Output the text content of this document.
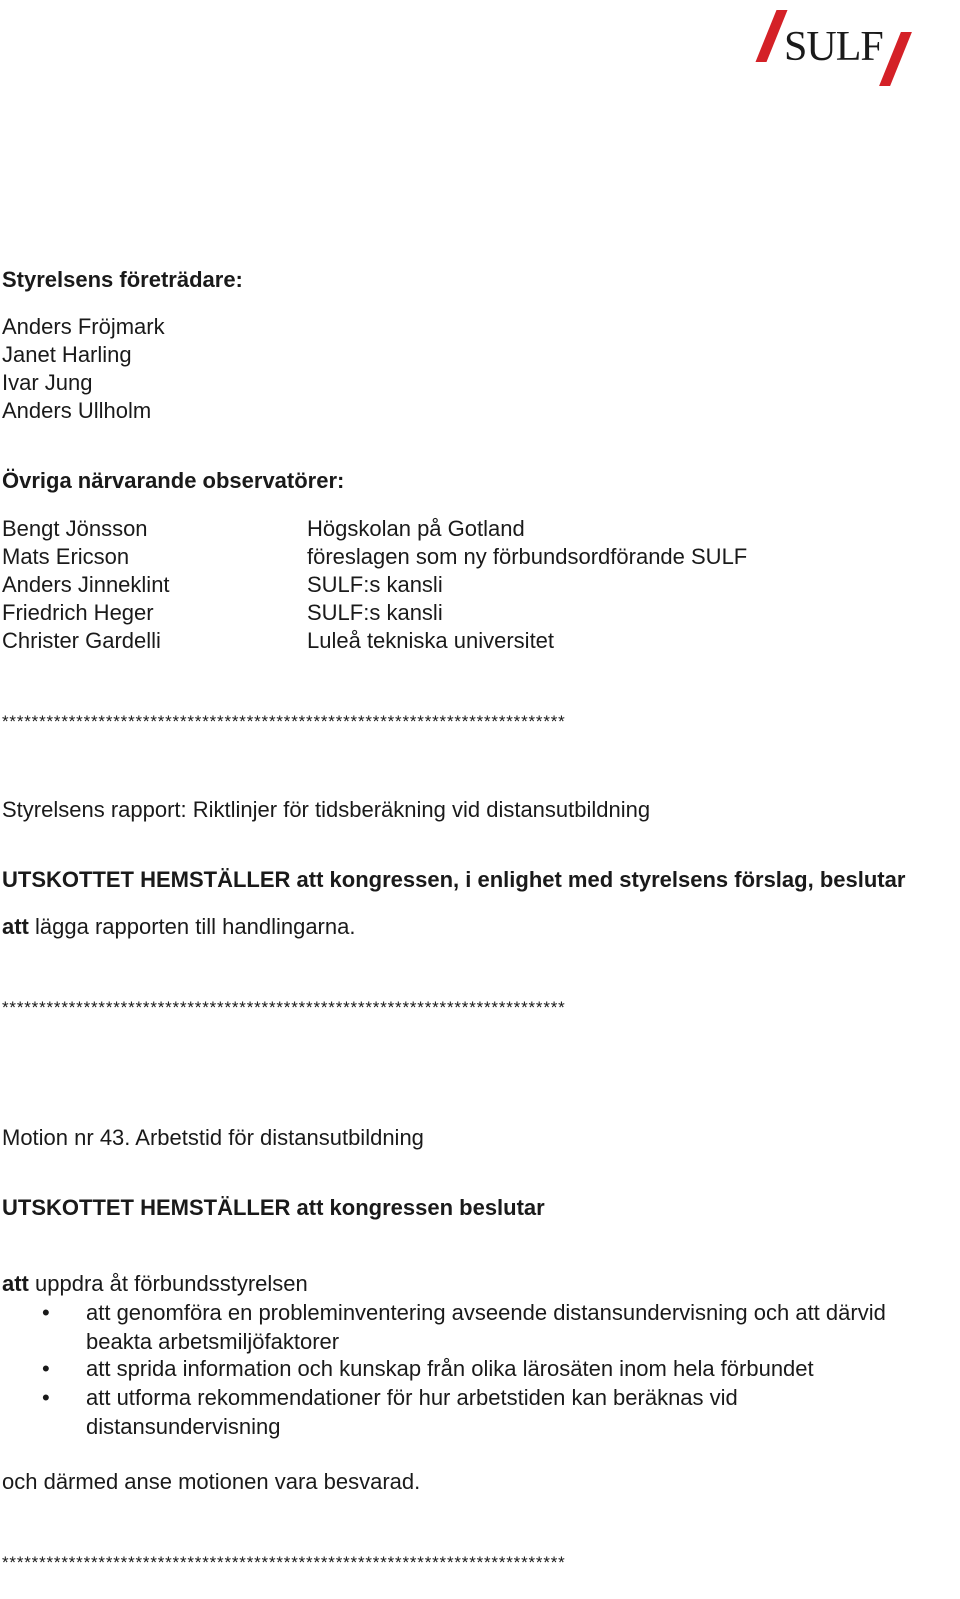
SULF
Styrelsens företrädare:
Anders Fröjmark
Janet Harling
Ivar Jung
Anders Ullholm
Övriga närvarande observatörer:
Bengt Jönsson	Högskolan på Gotland
Mats Ericson	föreslagen som ny förbundsordförande SULF
Anders Jinneklint	SULF:s kansli
Friedrich Heger	SULF:s kansli
Christer Gardelli	Luleå tekniska universitet
****************************************************************************
Styrelsens rapport: Riktlinjer för tidsberäkning vid distansutbildning
UTSKOTTET HEMSTÄLLER att kongressen, i enlighet med styrelsens förslag, beslutar
att lägga rapporten till handlingarna.
****************************************************************************
Motion nr 43. Arbetstid för distansutbildning
UTSKOTTET HEMSTÄLLER att kongressen beslutar
att uppdra åt förbundsstyrelsen
• att genomföra en probleminventering avseende distansundervisning och att därvid
beakta arbetsmiljöfaktorer
• att sprida information och kunskap från olika lärosäten inom hela förbundet
• att utforma rekommendationer för hur arbetstiden kan beräknas vid
distansundervisning
och därmed anse motionen vara besvarad.
****************************************************************************
